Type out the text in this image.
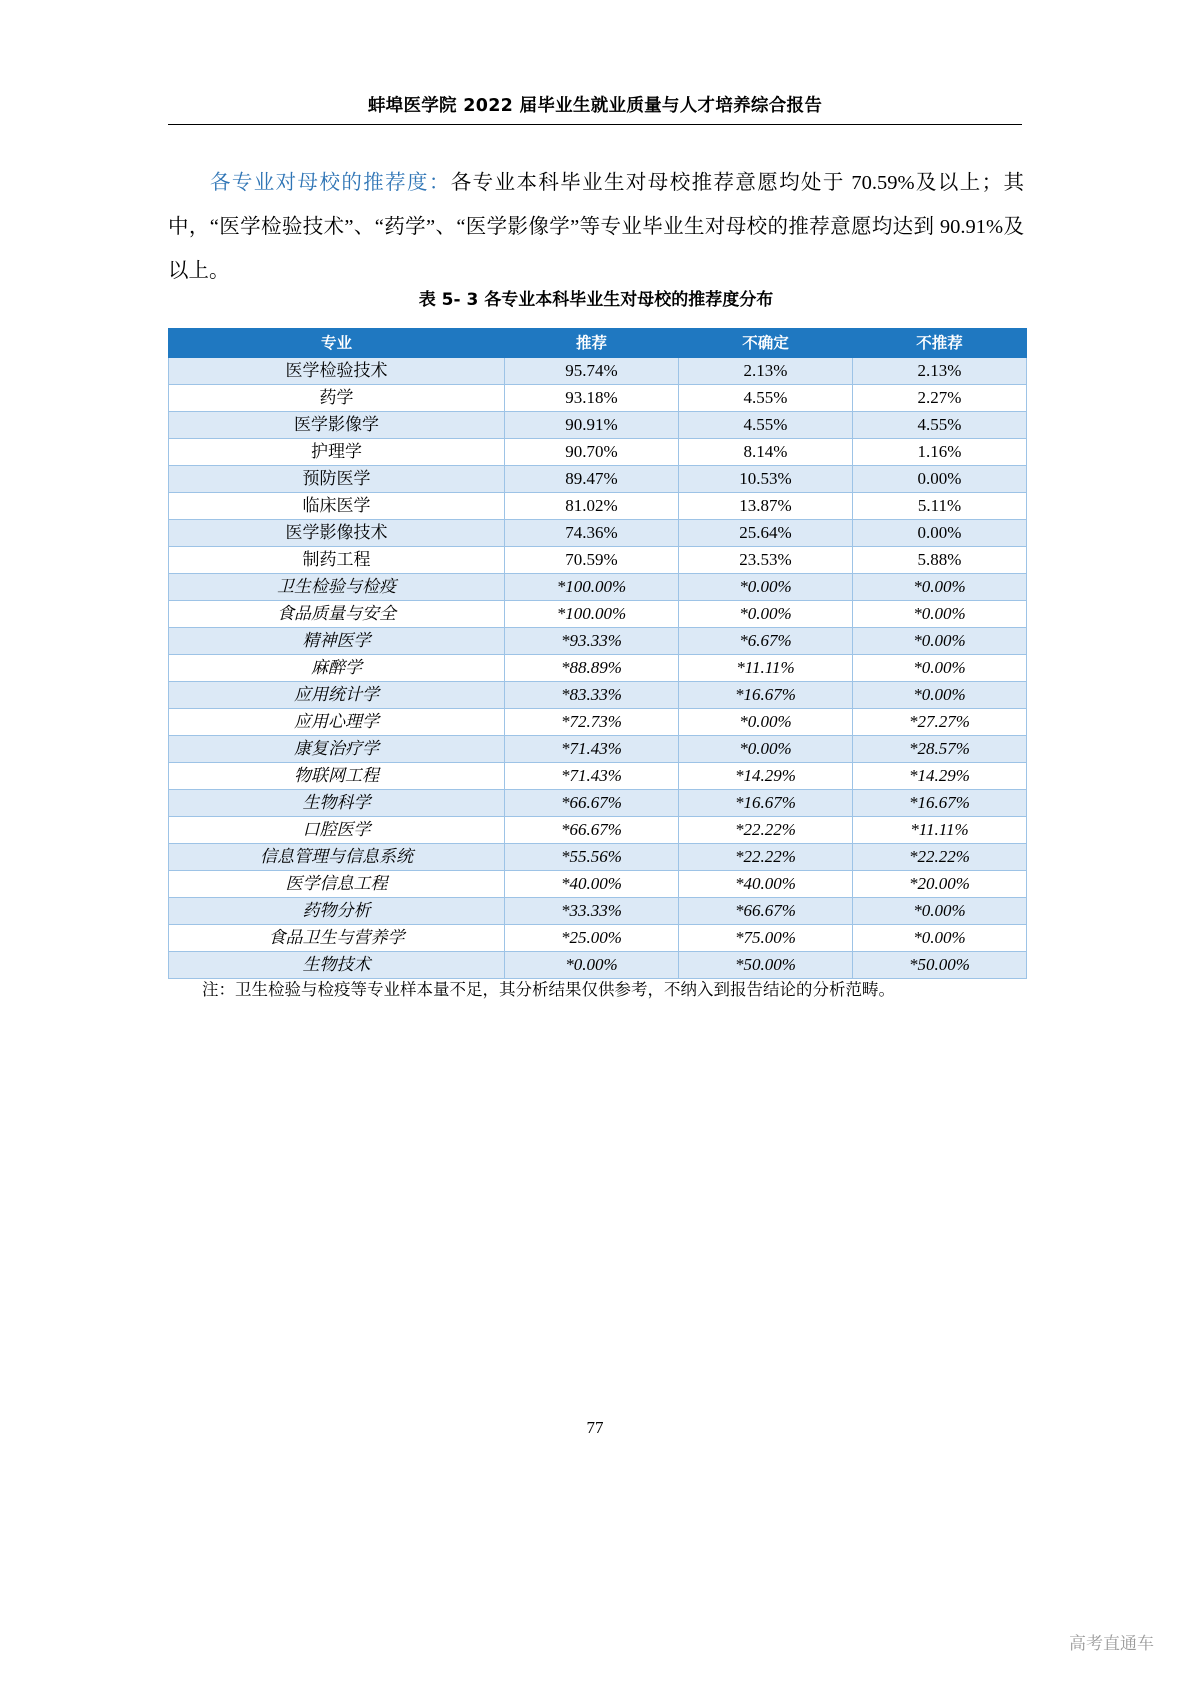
蚌埠医学院 2022 届毕业生就业质量与人才培养综合报告

各专业对母校的推荐度：各专业本科毕业生对母校推荐意愿均处于 70.59%及以上；其中，“医学检验技术”、“药学”、“医学影像学”等专业毕业生对母校的推荐意愿均达到 90.91%及以上。

表 5- 3 各专业本科毕业生对母校的推荐度分布
专业	推荐	不确定	不推荐
医学检验技术	95.74%	2.13%	2.13%
药学	93.18%	4.55%	2.27%
医学影像学	90.91%	4.55%	4.55%
护理学	90.70%	8.14%	1.16%
预防医学	89.47%	10.53%	0.00%
临床医学	81.02%	13.87%	5.11%
医学影像技术	74.36%	25.64%	0.00%
制药工程	70.59%	23.53%	5.88%
卫生检验与检疫	*100.00%	*0.00%	*0.00%
食品质量与安全	*100.00%	*0.00%	*0.00%
精神医学	*93.33%	*6.67%	*0.00%
麻醉学	*88.89%	*11.11%	*0.00%
应用统计学	*83.33%	*16.67%	*0.00%
应用心理学	*72.73%	*0.00%	*27.27%
康复治疗学	*71.43%	*0.00%	*28.57%
物联网工程	*71.43%	*14.29%	*14.29%
生物科学	*66.67%	*16.67%	*16.67%
口腔医学	*66.67%	*22.22%	*11.11%
信息管理与信息系统	*55.56%	*22.22%	*22.22%
医学信息工程	*40.00%	*40.00%	*20.00%
药物分析	*33.33%	*66.67%	*0.00%
食品卫生与营养学	*25.00%	*75.00%	*0.00%
生物技术	*0.00%	*50.00%	*50.00%
注：卫生检验与检疫等专业样本量不足，其分析结果仅供参考，不纳入到报告结论的分析范畴。
77
高考直通车
